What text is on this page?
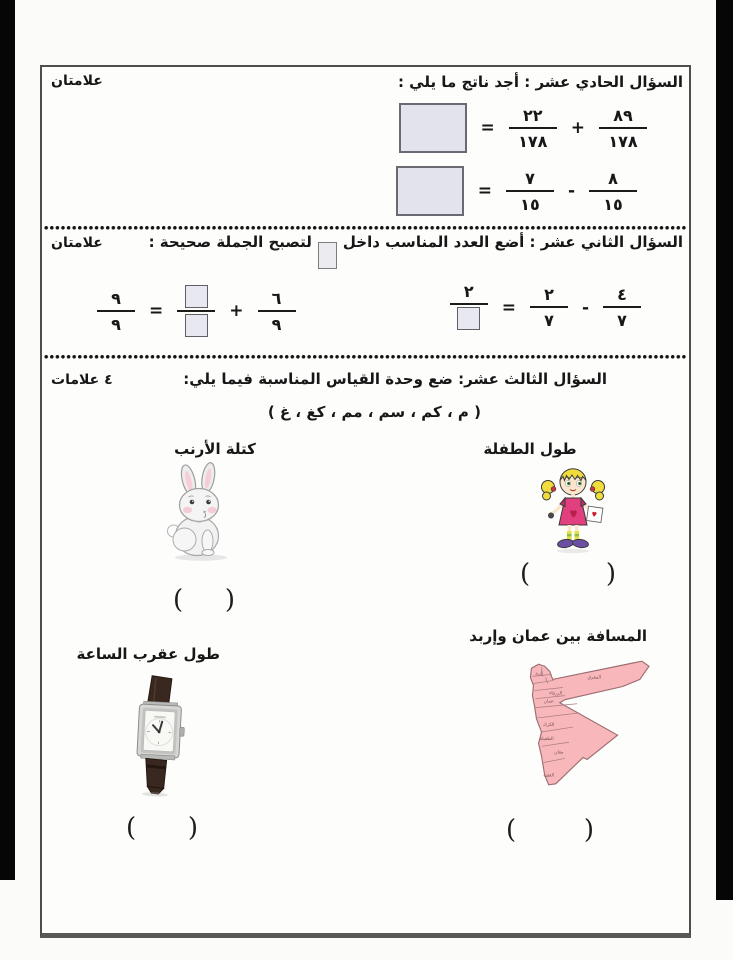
السؤال الحادي عشر : أجد ناتج ما يلي :
علامتان
$\frac{٨٩}{١٧٨}$
+
$\frac{٢٢}{١٧٨}$
=
$\frac{٨}{١٥}$
-
$\frac{٧}{١٥}$
=
السؤال الثاني عشر : أضع العدد المناسب داخل
لتصبح الجملة صحيحة :
علامتان
$\frac{٤}{٧}$
-
$\frac{٢}{٧}$
=
٢
$\frac{٦}{٩}$
+
=
$\frac{٩}{٩}$
السؤال الثالث عشر: ضع وحدة القياس المناسبة فيما يلي:
٤ علامات
( م ، كم ، سم ، مم ، كغ ، غ )
طول الطفلة
(	)
كتلة الأرنب
( )
المسافة بين عمان وإربد
إربد
المفرق
الزرقاء
عمان
الكرك
الطفيلة
معان
العقبة
(	)
طول عقرب الساعة
( )
